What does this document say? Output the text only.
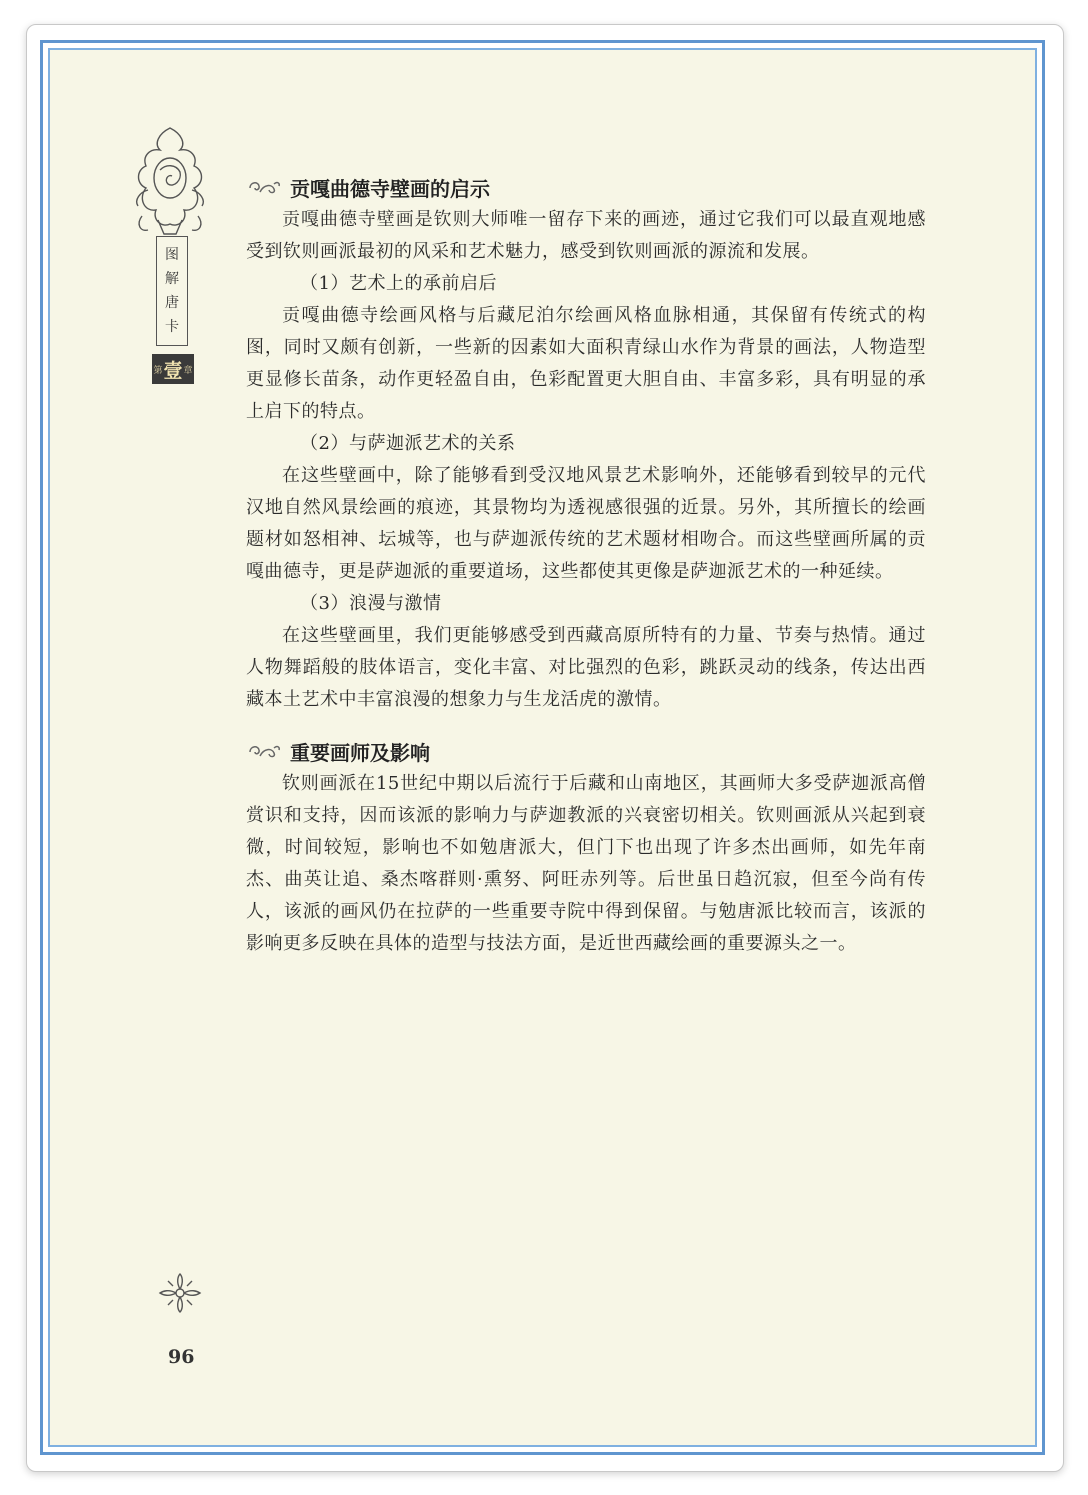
图
解
唐
卡
第 壹 章
贡嘎曲德寺壁画的启示

贡嘎曲德寺壁画是钦则大师唯一留存下来的画迹，通过它我们可以最直观地感受到钦则画派最初的风采和艺术魅力，感受到钦则画派的源流和发展。

（1）艺术上的承前启后

贡嘎曲德寺绘画风格与后藏尼泊尔绘画风格血脉相通，其保留有传统式的构图，同时又颇有创新，一些新的因素如大面积青绿山水作为背景的画法，人物造型更显修长苗条，动作更轻盈自由，色彩配置更大胆自由、丰富多彩，具有明显的承上启下的特点。

（2）与萨迦派艺术的关系

在这些壁画中，除了能够看到受汉地风景艺术影响外，还能够看到较早的元代汉地自然风景绘画的痕迹，其景物均为透视感很强的近景。另外，其所擅长的绘画题材如怒相神、坛城等，也与萨迦派传统的艺术题材相吻合。而这些壁画所属的贡嘎曲德寺，更是萨迦派的重要道场，这些都使其更像是萨迦派艺术的一种延续。

（3）浪漫与激情

在这些壁画里，我们更能够感受到西藏高原所特有的力量、节奏与热情。通过人物舞蹈般的肢体语言，变化丰富、对比强烈的色彩，跳跃灵动的线条，传达出西藏本土艺术中丰富浪漫的想象力与生龙活虎的激情。

重要画师及影响

钦则画派在15世纪中期以后流行于后藏和山南地区，其画师大多受萨迦派高僧赏识和支持，因而该派的影响力与萨迦教派的兴衰密切相关。钦则画派从兴起到衰微，时间较短，影响也不如勉唐派大，但门下也出现了许多杰出画师，如先年南杰、曲英让追、桑杰喀群则·熏努、阿旺赤列等。后世虽日趋沉寂，但至今尚有传人，该派的画风仍在拉萨的一些重要寺院中得到保留。与勉唐派比较而言，该派的影响更多反映在具体的造型与技法方面，是近世西藏绘画的重要源头之一。

96
